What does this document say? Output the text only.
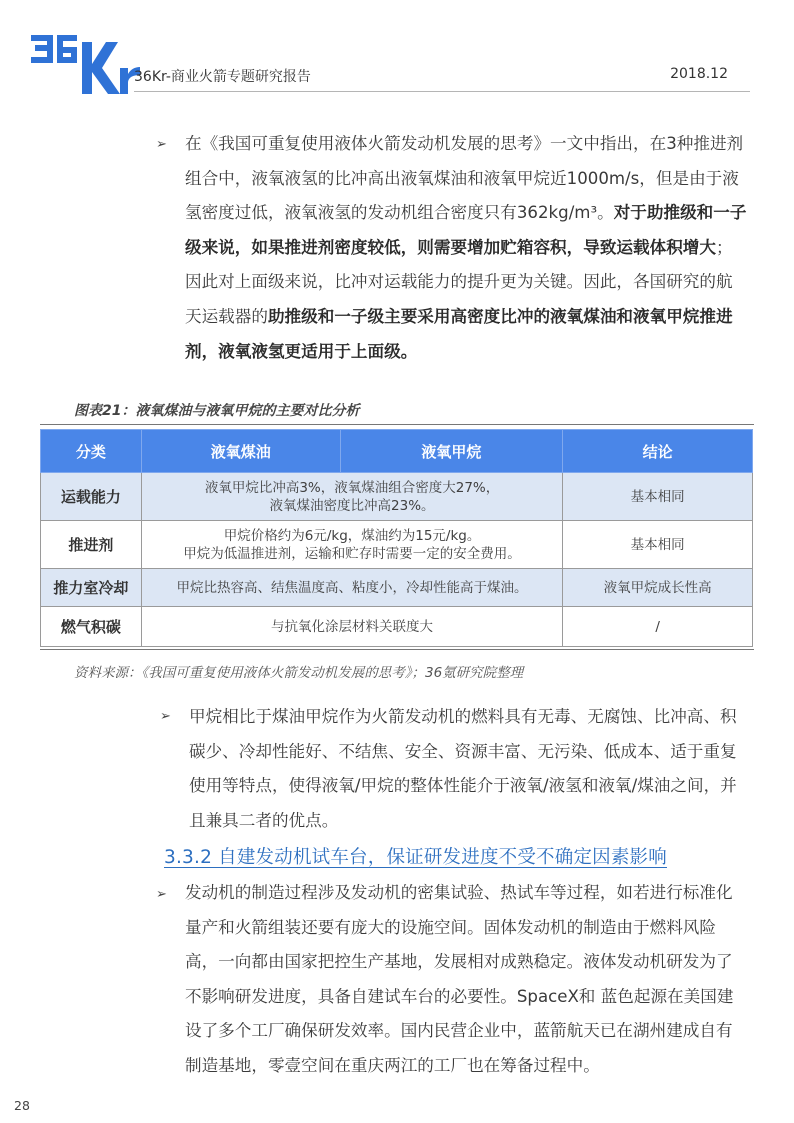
36Kr-商业火箭专题研究报告	2018.12
➢ 在《我国可重复使用液体火箭发动机发展的思考》一文中指出，在3种推进剂组合中，液氧液氢的比冲高出液氧煤油和液氧甲烷近1000m/s，但是由于液氢密度过低，液氧液氢的发动机组合密度只有362kg/m³。对于助推级和一子级来说，如果推进剂密度较低，则需要增加贮箱容积，导致运载体积增大；因此对上面级来说，比冲对运载能力的提升更为关键。因此，各国研究的航天运载器的助推级和一子级主要采用高密度比冲的液氧煤油和液氧甲烷推进剂，液氧液氢更适用于上面级。

图表21：液氧煤油与液氧甲烷的主要对比分析
分类	液氧煤油	液氧甲烷	结论
运载能力	液氧甲烷比冲高3%，液氧煤油组合密度大27%，
液氧煤油密度比冲高23%。		基本相同
推进剂	甲烷价格约为6元/kg，煤油约为15元/kg。
甲烷为低温推进剂，运输和贮存时需要一定的安全费用。		基本相同
推力室冷却	甲烷比热容高、结焦温度高、粘度小，冷却性能高于煤油。		液氧甲烷成长性高
燃气积碳	与抗氧化涂层材料关联度大		/
资料来源：《我国可重复使用液体火箭发动机发展的思考》；36氪研究院整理
➢ 甲烷相比于煤油甲烷作为火箭发动机的燃料具有无毒、无腐蚀、比冲高、积碳少、冷却性能好、不结焦、安全、资源丰富、无污染、低成本、适于重复使用等特点，使得液氧/甲烷的整体性能介于液氧/液氢和液氧/煤油之间，并且兼具二者的优点。

3.3.2 自建发动机试车台，保证研发进度不受不确定因素影响
➢ 发动机的制造过程涉及发动机的密集试验、热试车等过程，如若进行标准化量产和火箭组装还要有庞大的设施空间。固体发动机的制造由于燃料风险高，一向都由国家把控生产基地，发展相对成熟稳定。液体发动机研发为了不影响研发进度，具备自建试车台的必要性。SpaceX和 蓝色起源在美国建设了多个工厂确保研发效率。国内民营企业中，蓝箭航天已在湖州建成自有制造基地，零壹空间在重庆两江的工厂也在筹备过程中。

28
